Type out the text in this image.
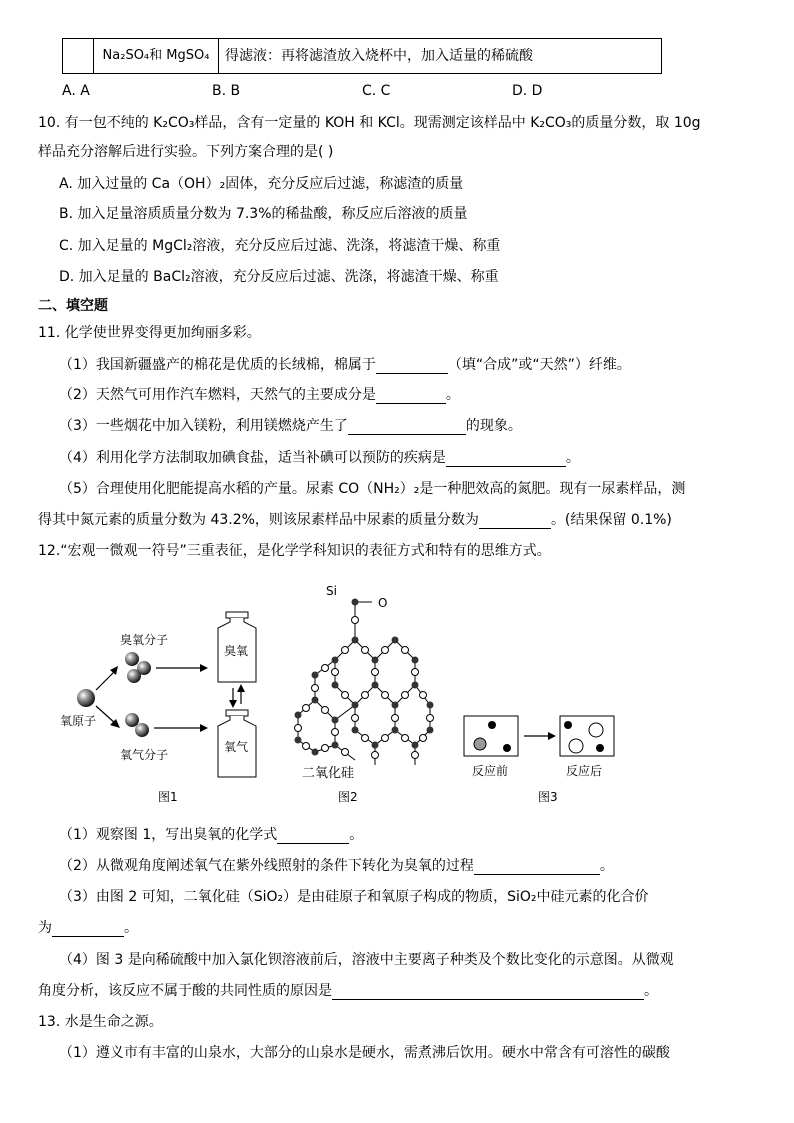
Na₂SO₄和 MgSO₄	得滤液：再将滤渣放入烧杯中，加入适量的稀硫酸
A. A	B. B	C. C	D. D
10. 有一包不纯的 K₂CO₃样品，含有一定量的 KOH 和 KCl。现需测定该样品中 K₂CO₃的质量分数，取 10g
样品充分溶解后进行实验。下列方案合理的是( )
A. 加入过量的 Ca（OH）₂固体，充分反应后过滤，称滤渣的质量
B. 加入足量溶质质量分数为 7.3%的稀盐酸，称反应后溶液的质量
C. 加入足量的 MgCl₂溶液，充分反应后过滤、洗涤，将滤渣干燥、称重
D. 加入足量的 BaCl₂溶液，充分反应后过滤、洗涤，将滤渣干燥、称重
二、填空题
11. 化学使世界变得更加绚丽多彩。
（1）我国新疆盛产的棉花是优质的长绒棉，棉属于	（填“合成”或“天然”）纤维。
（2）天然气可用作汽车燃料，天然气的主要成分是	。
（3）一些烟花中加入镁粉，利用镁燃烧产生了	的现象。
（4）利用化学方法制取加碘食盐，适当补碘可以预防的疾病是	。
（5）合理使用化肥能提高水稻的产量。尿素 CO（NH₂）₂是一种肥效高的氮肥。现有一尿素样品，测
得其中氮元素的质量分数为 43.2%，则该尿素样品中尿素的质量分数为	。(结果保留 0.1%)
12.“宏观一微观一符号”三重表征，是化学学科知识的表征方式和特有的思维方式。
臭氧分子
氧原子
氧气分子
臭氧
氧气
图1
Si
O
二氧化硅
图2
反应前	反应后
图3
（1）观察图 1，写出臭氧的化学式	。
（2）从微观角度阐述氧气在紫外线照射的条件下转化为臭氧的过程	。
（3）由图 2 可知，二氧化硅（SiO₂）是由硅原子和氧原子构成的物质，SiO₂中硅元素的化合价
为	。
（4）图 3 是向稀硫酸中加入氯化钡溶液前后，溶液中主要离子种类及个数比变化的示意图。从微观
角度分析，该反应不属于酸的共同性质的原因是	。
13. 水是生命之源。
（1）遵义市有丰富的山泉水，大部分的山泉水是硬水，需煮沸后饮用。硬水中常含有可溶性的碳酸
